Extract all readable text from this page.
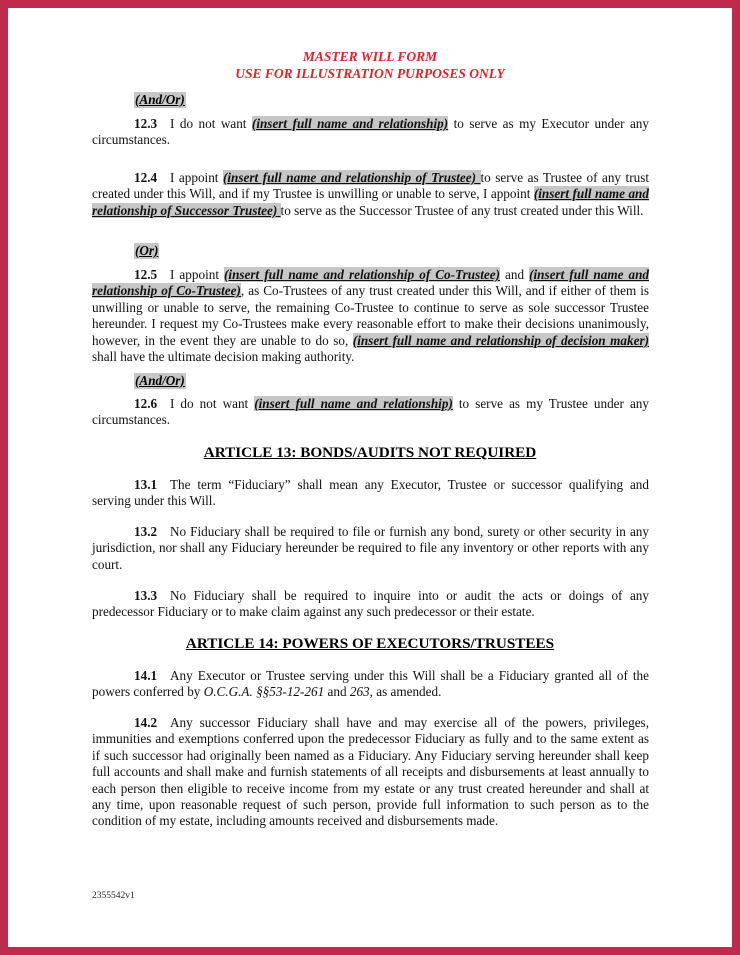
MASTER WILL FORM
USE FOR ILLUSTRATION PURPOSES ONLY
(And/Or)

12.3 I do not want (insert full name and relationship) to serve as my Executor under any circumstances.

12.4 I appoint (insert full name and relationship of Trustee) to serve as Trustee of any trust created under this Will, and if my Trustee is unwilling or unable to serve, I appoint (insert full name and relationship of Successor Trustee) to serve as the Successor Trustee of any trust created under this Will.

(Or)

12.5 I appoint (insert full name and relationship of Co-Trustee) and (insert full name and relationship of Co-Trustee), as Co-Trustees of any trust created under this Will, and if either of them is unwilling or unable to serve, the remaining Co-Trustee to continue to serve as sole successor Trustee hereunder. I request my Co-Trustees make every reasonable effort to make their decisions unanimously, however, in the event they are unable to do so, (insert full name and relationship of decision maker) shall have the ultimate decision making authority.

(And/Or)

12.6 I do not want (insert full name and relationship) to serve as my Trustee under any circumstances.

ARTICLE 13: BONDS/AUDITS NOT REQUIRED

13.1 The term “Fiduciary” shall mean any Executor, Trustee or successor qualifying and serving under this Will.

13.2 No Fiduciary shall be required to file or furnish any bond, surety or other security in any jurisdiction, nor shall any Fiduciary hereunder be required to file any inventory or other reports with any court.

13.3 No Fiduciary shall be required to inquire into or audit the acts or doings of any predecessor Fiduciary or to make claim against any such predecessor or their estate.

ARTICLE 14: POWERS OF EXECUTORS/TRUSTEES

14.1 Any Executor or Trustee serving under this Will shall be a Fiduciary granted all of the powers conferred by O.C.G.A. §§53-12-261 and 263, as amended.

14.2 Any successor Fiduciary shall have and may exercise all of the powers, privileges, immunities and exemptions conferred upon the predecessor Fiduciary as fully and to the same extent as if such successor had originally been named as a Fiduciary. Any Fiduciary serving hereunder shall keep full accounts and shall make and furnish statements of all receipts and disbursements at least annually to each person then eligible to receive income from my estate or any trust created hereunder and shall at any time, upon reasonable request of such person, provide full information to such person as to the condition of my estate, including amounts received and disbursements made.

2355542v1
